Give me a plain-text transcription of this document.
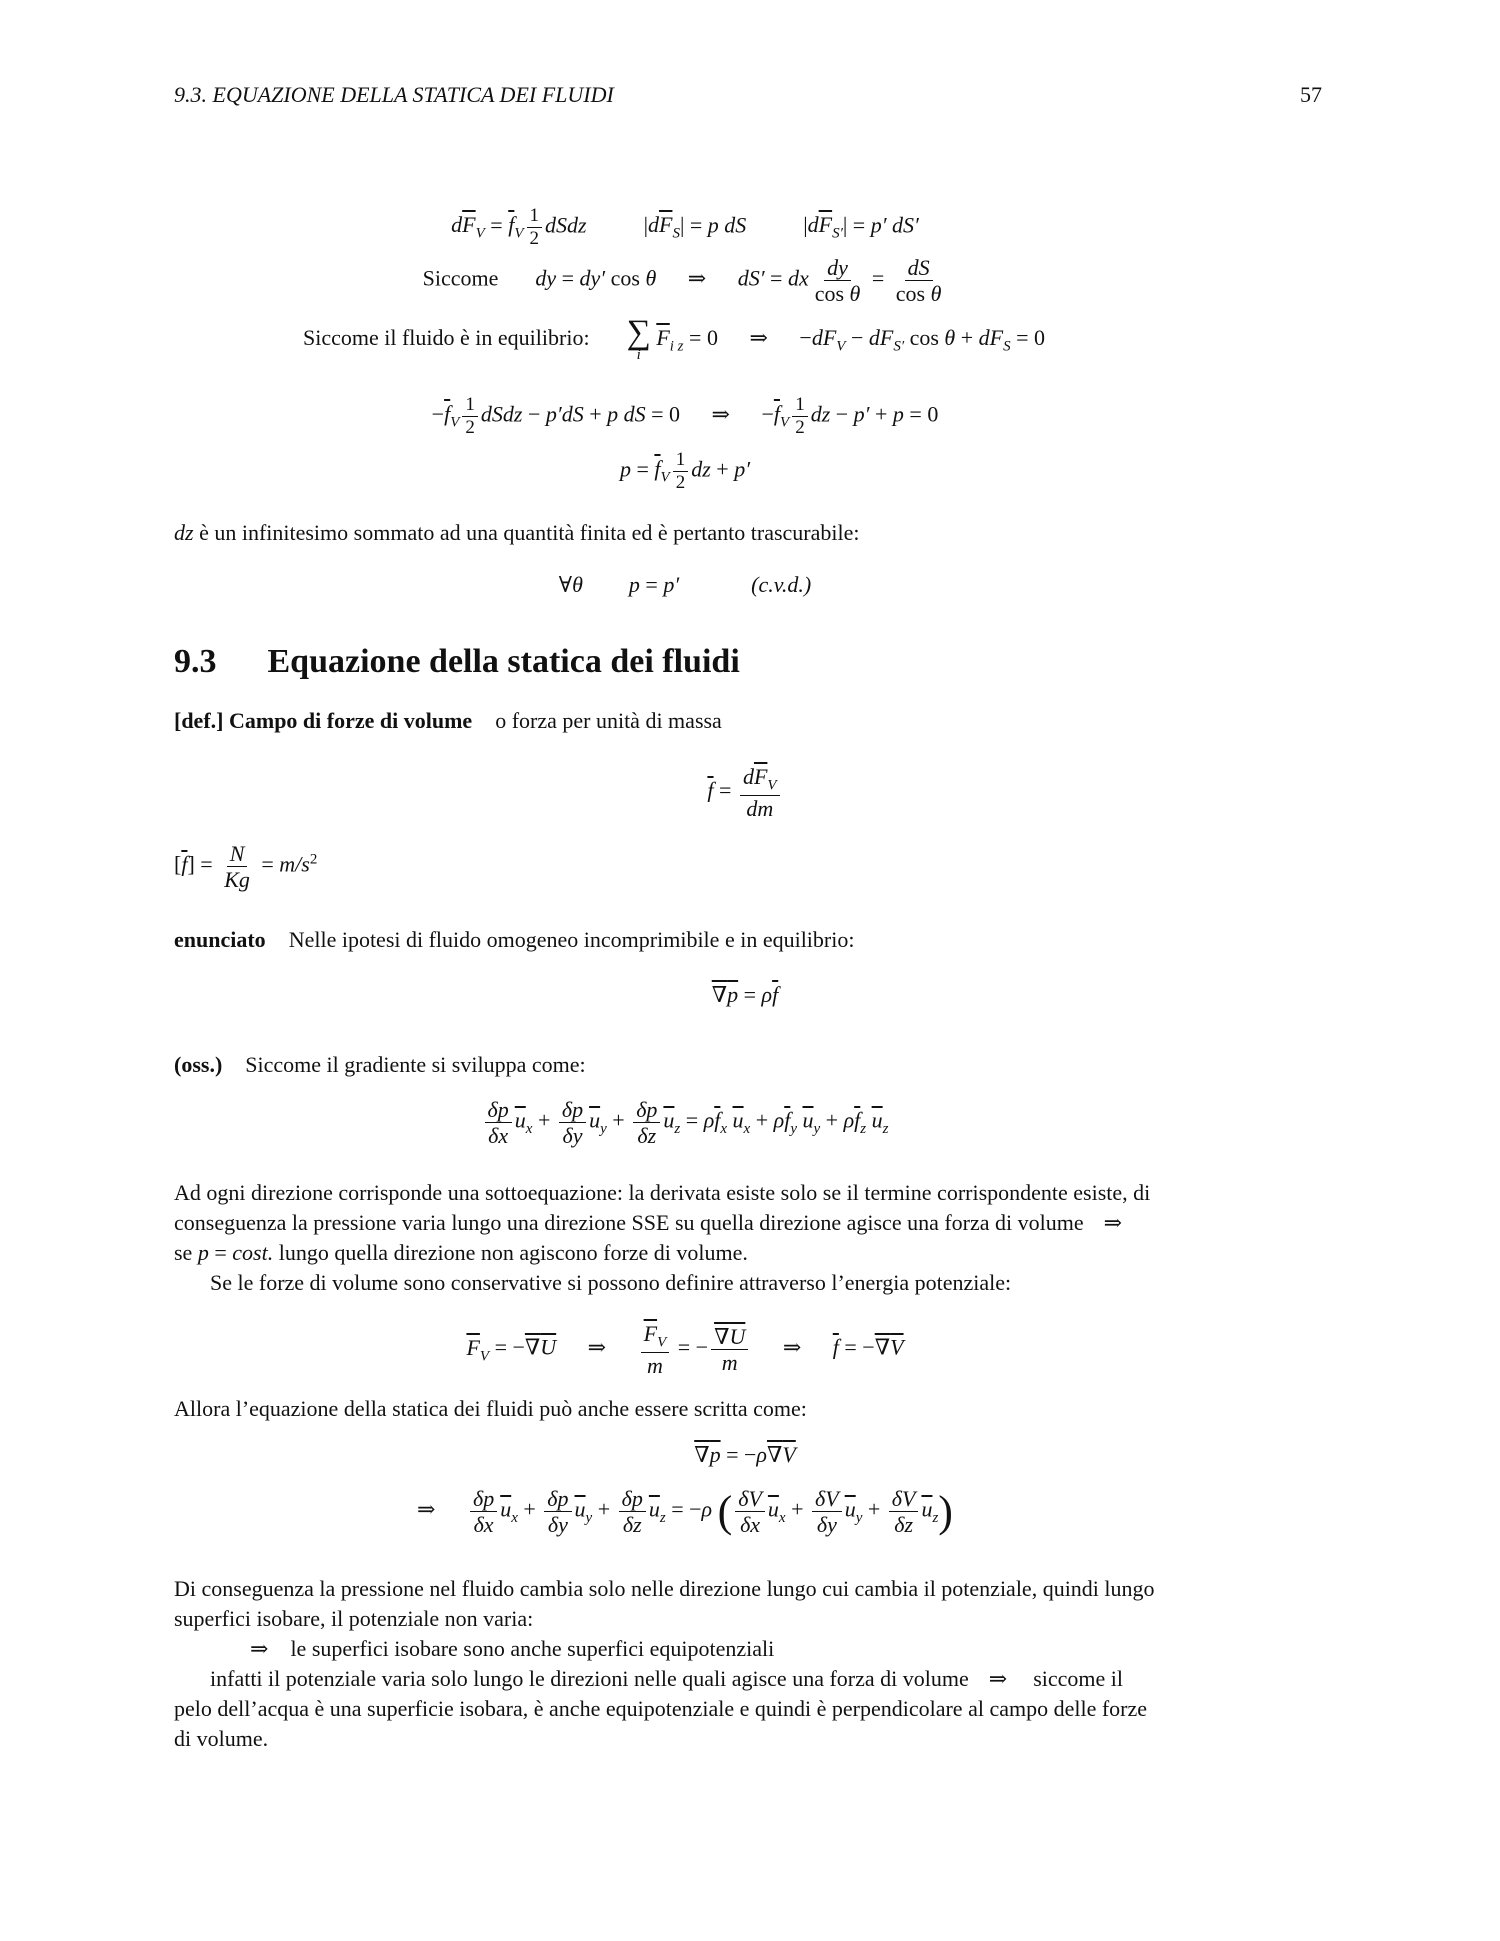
9.3. EQUAZIONE DELLA STATICA DEI FLUIDI	57
$d\overline{F}_V = \overline{f}_V \frac{1}{2}$ dSdz  $|d\overline{F}_S| = p$ dS  $|d\overline{F}_{S'}| = p'$ dS′
Siccome dy = dy′ cos θ ⇒ dS′ = dx $\frac{dy}{\text{cos θ}} = \frac{dS}{\text{cos θ}}$
Siccome il fluido è in equilibrio: ∑
i
$\overline{F}_{i z} = 0$ ⇒ $-dF_V - dF_{S'}$ $\cos \theta + dF_S = 0$
$-\overline{f}_V \frac{1}{2}$ dSdz − p′dS + p dS = 0 ⇒ $-\overline{f}_V \frac{1}{2}$ dz − p′ + p = 0
$p = \overline{f}_V \frac{1}{2}$ dz + p′
dz è un infinitesimo sommato ad una quantità finita ed è pertanto trascurabile:
∀θ p = p′	(c.v.d.)
9.3 Equazione della statica dei fluidi
[def.] Campo di forze di volume o forza per unità di massa
$\overline{f} = \frac{d\overline{F}_V}{dm}$
$[\overline{f}] = \frac{N}{Kg} = m/s^2$
enunciato Nelle ipotesi di fluido omogeneo incomprimibile e in equilibrio:
$\nabla p = \rho\overline{f}$
(oss.) Siccome il gradiente si sviluppa come:
$\frac{\delta p}{\delta x} \overline{u}_x + \frac{\delta p}{\delta y} \overline{u}_y + \frac{\delta p}{\delta z} \overline{u}_z = \rho\overline{f}_x$ $\overline{u}_x + \rho\overline{f}_y$ $\overline{u}_y + \rho\overline{f}_z$ $\overline{u}_z$
Ad ogni direzione corrisponde una sottoequazione: la derivata esiste solo se il termine corrispondente esiste, di
conseguenza la pressione varia lungo una direzione SSE su quella direzione agisce una forza di volume ⇒
se p = cost. lungo quella direzione non agiscono forze di volume.
Se le forze di volume sono conservative si possono definire attraverso l’energia potenziale:
$\overline{F}_V = -\nabla U$ ⇒ $\frac{\overline{F}_V}{m}$ = − $\frac{\nabla U}{m}$ ⇒ $\overline{f} = -\nabla V$
Allora l’equazione della statica dei fluidi può anche essere scritta come:
∇p = −ρ∇V
⇒ $\frac{\delta p}{\delta x} \overline{u}_x + \frac{\delta p}{\delta y} \overline{u}_y + \frac{\delta p}{\delta z} \overline{u}_z = -\rho$ ( $\frac{\delta V}{\delta x} \overline{u}_x + \frac{\delta V}{\delta y} \overline{u}_y + \frac{\delta V}{\delta z} \overline{u}_z$)
Di conseguenza la pressione nel fluido cambia solo nelle direzione lungo cui cambia il potenziale, quindi lungo
superfici isobare, il potenziale non varia:
⇒ le superfici isobare sono anche superfici equipotenziali
infatti il potenziale varia solo lungo le direzioni nelle quali agisce una forza di volume ⇒ siccome il
pelo dell’acqua è una superficie isobara, è anche equipotenziale e quindi è perpendicolare al campo delle forze
di volume.
